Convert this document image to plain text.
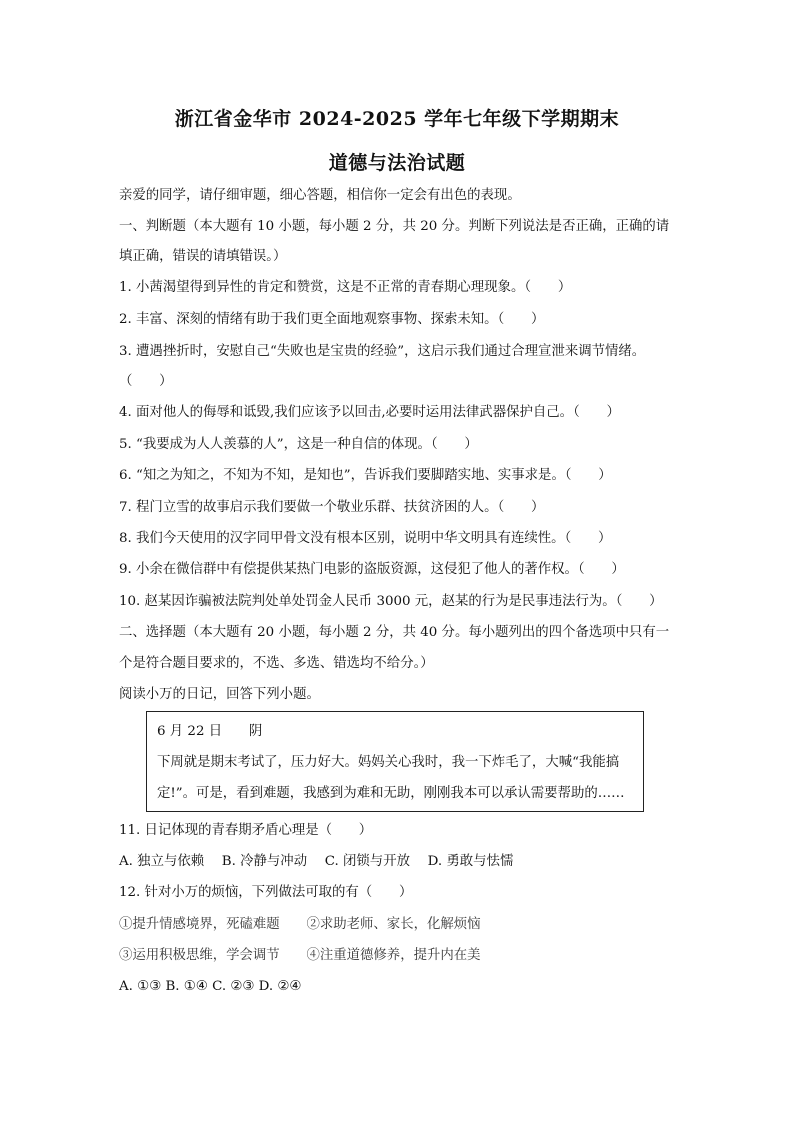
浙江省金华市 2024-2025 学年七年级下学期期末
道德与法治试题
亲爱的同学，请仔细审题，细心答题，相信你一定会有出色的表现。
一、判断题（本大题有 10 小题，每小题 2 分，共 20 分。判断下列说法是否正确，正确的请
填正确，错误的请填错误。）
1. 小茜渴望得到异性的肯定和赞赏，这是不正常的青春期心理现象。（　　）
2. 丰富、深刻的情绪有助于我们更全面地观察事物、探索未知。（　　）
3. 遭遇挫折时，安慰自己“失败也是宝贵的经验”，这启示我们通过合理宣泄来调节情绪。
（　　）
4. 面对他人的侮辱和诋毁,我们应该予以回击,必要时运用法律武器保护自己。（　　）
5. “我要成为人人羡慕的人”，这是一种自信的体现。（　　）
6. “知之为知之，不知为不知，是知也”，告诉我们要脚踏实地、实事求是。（　　）
7. 程门立雪的故事启示我们要做一个敬业乐群、扶贫济困的人。（　　）
8. 我们今天使用的汉字同甲骨文没有根本区别，说明中华文明具有连续性。（　　）
9. 小余在微信群中有偿提供某热门电影的盗版资源，这侵犯了他人的著作权。（　　）
10. 赵某因诈骗被法院判处单处罚金人民币 3000 元，赵某的行为是民事违法行为。（　　）
二、选择题（本大题有 20 小题，每小题 2 分，共 40 分。每小题列出的四个备选项中只有一
个是符合题目要求的，不选、多选、错选均不给分。）
阅读小万的日记，回答下列小题。
6 月 22 日　　阴
下周就是期末考试了，压力好大。妈妈关心我时，我一下炸毛了，大喊“我能搞
定!”。可是，看到难题，我感到为难和无助，刚刚我本可以承认需要帮助的……
11. 日记体现的青春期矛盾心理是（　　）
A. 独立与依赖　 B. 冷静与冲动　 C. 闭锁与开放　 D. 勇敢与怯懦
12. 针对小万的烦恼，下列做法可取的有（　　）
①提升情感境界，死磕难题　　②求助老师、家长，化解烦恼
③运用积极思维，学会调节　　④注重道德修养，提升内在美
A. ①③ B. ①④ C. ②③ D. ②④
